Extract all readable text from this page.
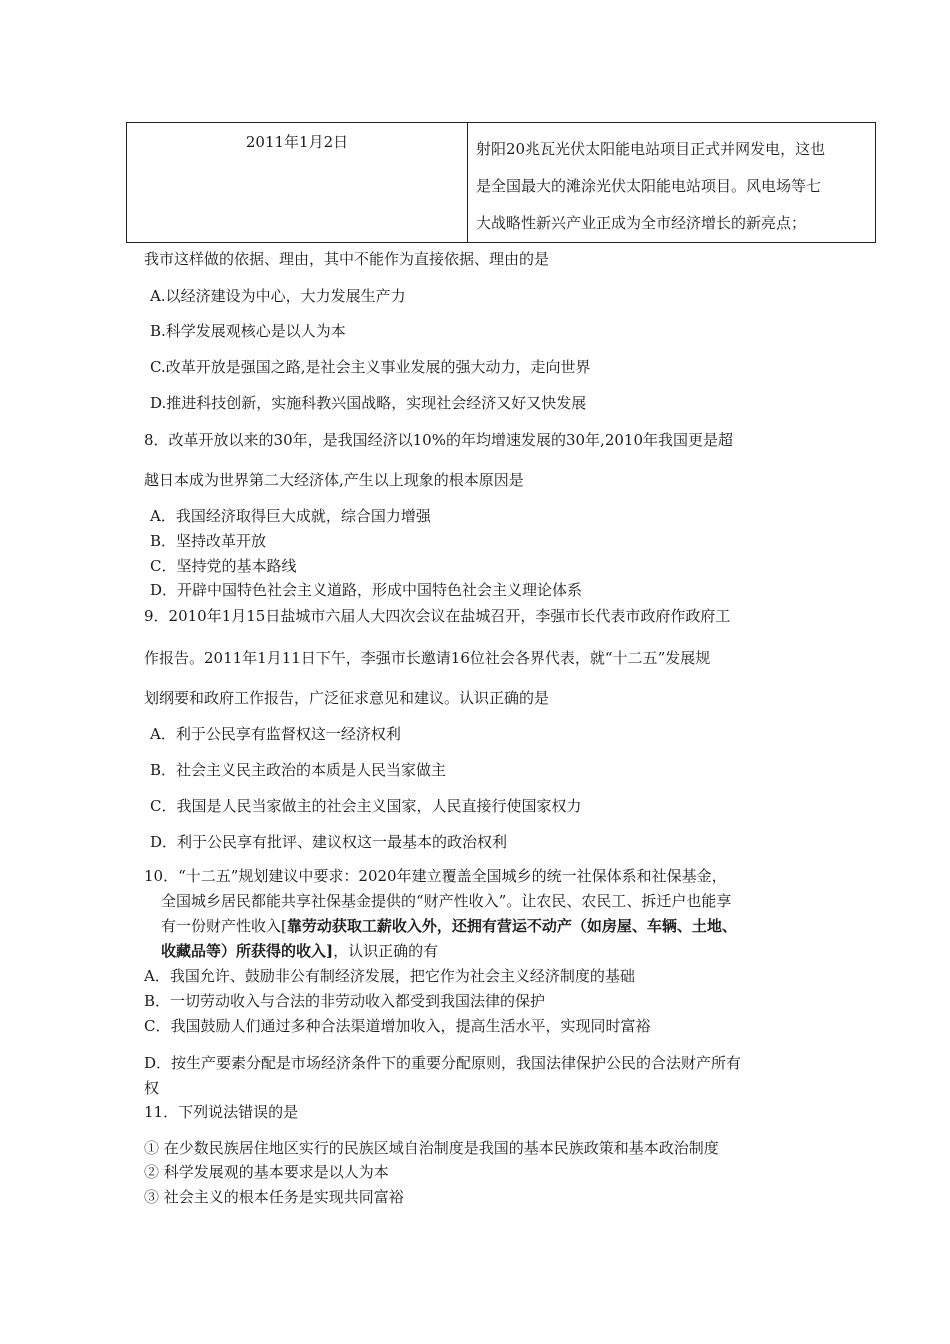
2011年1月2日	射阳20兆瓦光伏太阳能电站项目正式并网发电，这也
是全国最大的滩涂光伏太阳能电站项目。风电场等七
大战略性新兴产业正成为全市经济增长的新亮点；
我市这样做的依据、理由，其中不能作为直接依据、理由的是
A.以经济建设为中心，大力发展生产力
B.科学发展观核心是以人为本
C.改革开放是强国之路,是社会主义事业发展的强大动力，走向世界
D.推进科技创新，实施科教兴国战略，实现社会经济又好又快发展
8．改革开放以来的30年，是我国经济以10%的年均增速发展的30年,2010年我国更是超
越日本成为世界第二大经济体,产生以上现象的根本原因是
A．我国经济取得巨大成就，综合国力增强
B．坚持改革开放
C．坚持党的基本路线
D．开辟中国特色社会主义道路，形成中国特色社会主义理论体系
9．2010年1月15日盐城市六届人大四次会议在盐城召开，李强市长代表市政府作政府工
作报告。2011年1月11日下午，李强市长邀请16位社会各界代表，就“十二五”发展规
划纲要和政府工作报告，广泛征求意见和建议。认识正确的是
A．利于公民享有监督权这一经济权利
B．社会主义民主政治的本质是人民当家做主
C．我国是人民当家做主的社会主义国家，人民直接行使国家权力
D．利于公民享有批评、建议权这一最基本的政治权利
10．“十二五”规划建议中要求：2020年建立覆盖全国城乡的统一社保体系和社保基金，
全国城乡居民都能共享社保基金提供的“财产性收入”。让农民、农民工、拆迁户也能享
有一份财产性收入[靠劳动获取工薪收入外，还拥有营运不动产（如房屋、车辆、土地、
收藏品等）所获得的收入]，认识正确的有
A．我国允许、鼓励非公有制经济发展，把它作为社会主义经济制度的基础
B．一切劳动收入与合法的非劳动收入都受到我国法律的保护
C．我国鼓励人们通过多种合法渠道增加收入，提高生活水平，实现同时富裕
D．按生产要素分配是市场经济条件下的重要分配原则，我国法律保护公民的合法财产所有
权
11．下列说法错误的是
① 在少数民族居住地区实行的民族区域自治制度是我国的基本民族政策和基本政治制度
② 科学发展观的基本要求是以人为本
③ 社会主义的根本任务是实现共同富裕
